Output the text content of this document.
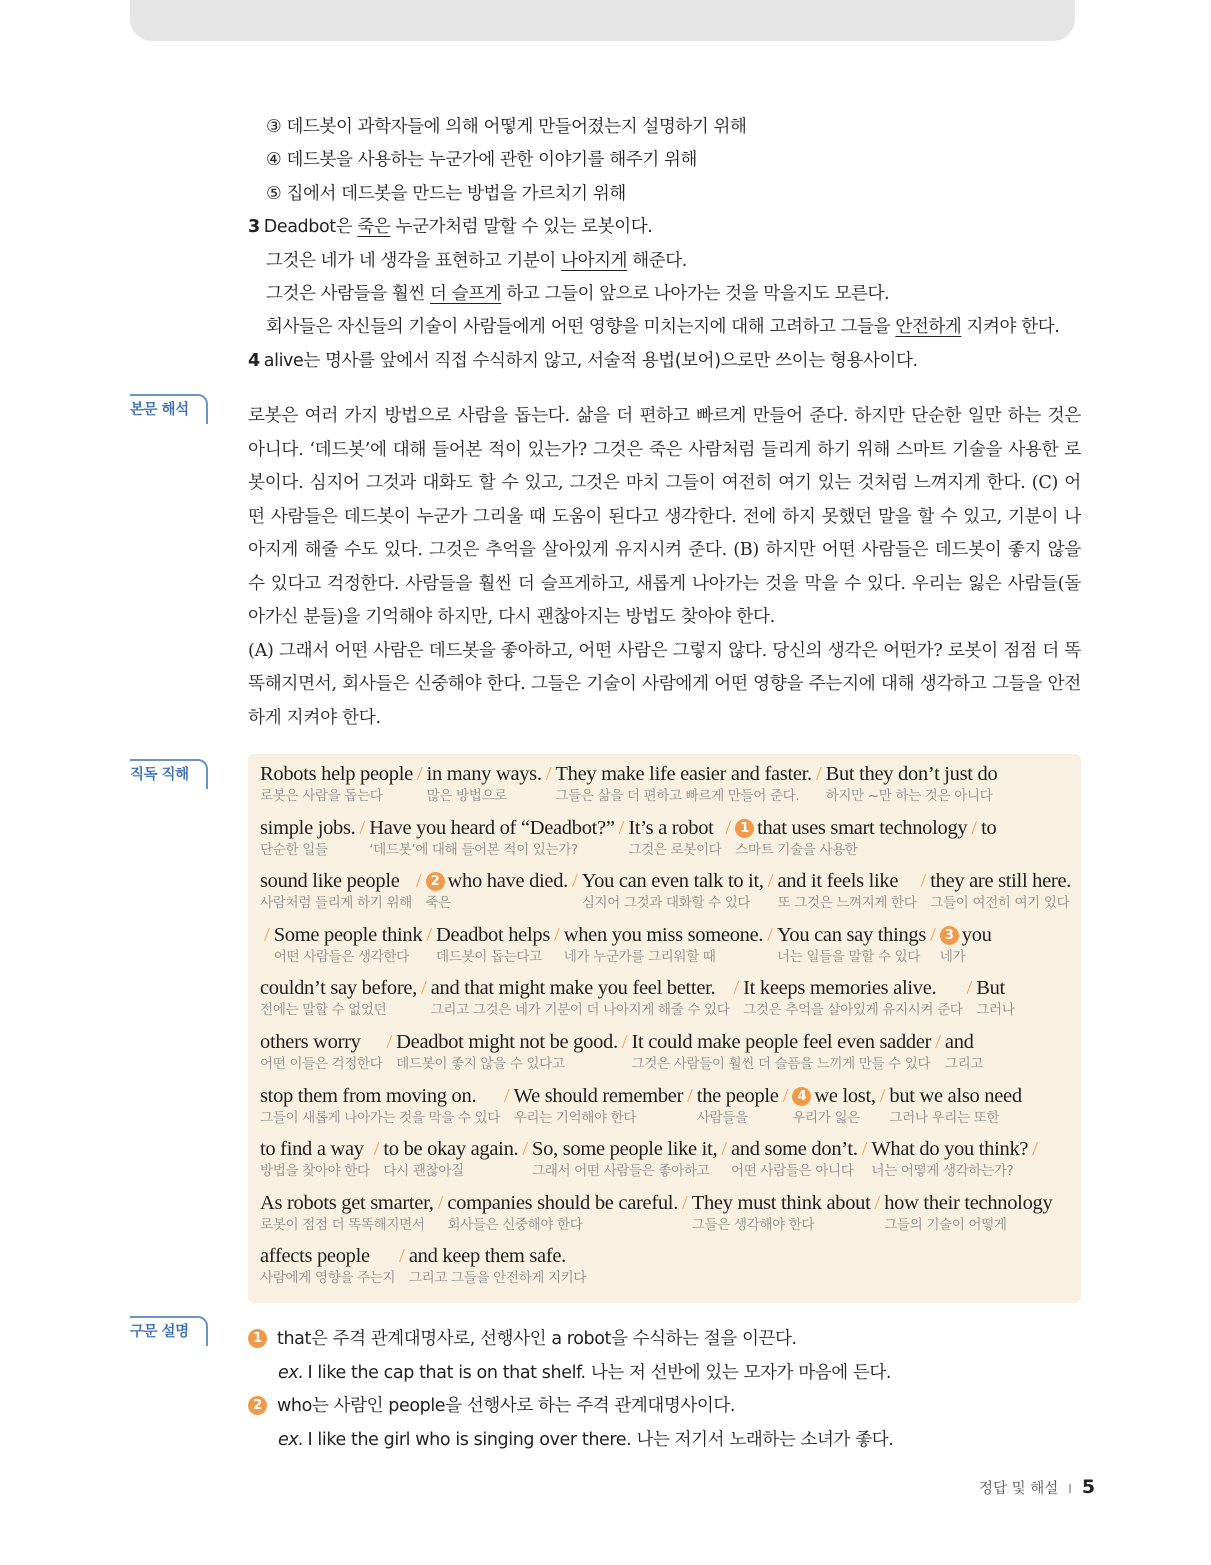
③ 데드봇이 과학자들에 의해 어떻게 만들어졌는지 설명하기 위해
④ 데드봇을 사용하는 누군가에 관한 이야기를 해주기 위해
⑤ 집에서 데드봇을 만드는 방법을 가르치기 위해
3 Deadbot은 죽은 누군가처럼 말할 수 있는 로봇이다.
그것은 네가 네 생각을 표현하고 기분이 나아지게 해준다.
그것은 사람들을 훨씬 더 슬프게 하고 그들이 앞으로 나아가는 것을 막을지도 모른다.
회사들은 자신들의 기술이 사람들에게 어떤 영향을 미치는지에 대해 고려하고 그들을 안전하게 지켜야 한다.
4 alive는 명사를 앞에서 직접 수식하지 않고, 서술적 용법(보어)으로만 쓰이는 형용사이다.
본문 해석	로봇은 여러 가지 방법으로 사람을 돕는다. 삶을 더 편하고 빠르게 만들어 준다. 하지만 단순한 일만 하는 것은 아니다. ‘데드봇’에 대해 들어본 적이 있는가? 그것은 죽은 사람처럼 들리게 하기 위해 스마트 기술을 사용한 로봇이다. 심지어 그것과 대화도 할 수 있고, 그것은 마치 그들이 여전히 여기 있는 것처럼 느껴지게 한다. (C) 어떤 사람들은 데드봇이 누군가 그리울 때 도움이 된다고 생각한다. 전에 하지 못했던 말을 할 수 있고, 기분이 나아지게 해줄 수도 있다. 그것은 추억을 살아있게 유지시켜 준다. (B) 하지만 어떤 사람들은 데드봇이 좋지 않을 수 있다고 걱정한다. 사람들을 훨씬 더 슬프게하고, 새롭게 나아가는 것을 막을 수 있다. 우리는 잃은 사람들(돌아가신 분들)을 기억해야 하지만, 다시 괜찮아지는 방법도 찾아야 한다.

(A) 그래서 어떤 사람은 데드봇을 좋아하고, 어떤 사람은 그렇지 않다. 당신의 생각은 어떤가? 로봇이 점점 더 똑똑해지면서, 회사들은 신중해야 한다. 그들은 기술이 사람에게 어떤 영향을 주는지에 대해 생각하고 그들을 안전하게 지켜야 한다.

직독 직해	Robots help people
로봇은 사람을 돕는다
/ in many ways.
많은 방법으로
/ They make life easier and faster.
그들은 삶을 더 편하고 빠르게 만들어 준다.
/ But they don’t just do
하지만 ~만 하는 것은 아니다
simple jobs.
단순한 일들
/ Have you heard of “Deadbot?”
‘데드봇’에 대해 들어본 적이 있는가?
/ It’s a robot
그것은 로봇이다
/ 1 that uses smart technology
스마트 기술을 사용한
/ to
sound like people
사람처럼 들리게 하기 위해
/ 2 who have died.
죽은
/ You can even talk to it,
심지어 그것과 대화할 수 있다
/ and it feels like
또 그것은 느껴지게 한다
/ they are still here.
그들이 여전히 여기 있다
/ Some people think
어떤 사람들은 생각한다
/ Deadbot helps
데드봇이 돕는다고
/ when you miss someone.
네가 누군가를 그리워할 때
/ You can say things
너는 일들을 말할 수 있다
/ 3 you
네가
couldn’t say before,
전에는 말할 수 없었던
/ and that might make you feel better.
그리고 그것은 네가 기분이 더 나아지게 해줄 수 있다
/ It keeps memories alive.
그것은 추억을 살아있게 유지시켜 준다
/ But
그러나
others worry
어떤 이들은 걱정한다
/ Deadbot might not be good.
데드봇이 좋지 않을 수 있다고
/ It could make people feel even sadder
그것은 사람들이 훨씬 더 슬픔을 느끼게 만들 수 있다
/ and
그리고
stop them from moving on.
그들이 새롭게 나아가는 것을 막을 수 있다
/ We should remember
우리는 기억해야 한다
/ the people
사람들을
/ 4 we lost,
우리가 잃은
/ but we also need
그러나 우리는 또한
to find a way
방법을 찾아야 한다
/ to be okay again.
다시 괜찮아질
/ So, some people like it,
그래서 어떤 사람들은 좋아하고
/ and some don’t.
어떤 사람들은 아니다
/ What do you think?
너는 어떻게 생각하는가?
/
As robots get smarter,
로봇이 점점 더 똑똑해지면서
/ companies should be careful.
회사들은 신중해야 한다
/ They must think about
그들은 생각해야 한다
/ how their technology
그들의 기술이 어떻게
affects people
사람에게 영향을 주는지
/ and keep them safe.
그리고 그들을 안전하게 지키다
구문 설명	1 that은 주격 관계대명사로, 선행사인 a robot을 수식하는 절을 이끈다.
ex. I like the cap that is on that shelf. 나는 저 선반에 있는 모자가 마음에 든다.
2 who는 사람인 people을 선행사로 하는 주격 관계대명사이다.
ex. I like the girl who is singing over there. 나는 저기서 노래하는 소녀가 좋다.
정답 및 해설 I 5
